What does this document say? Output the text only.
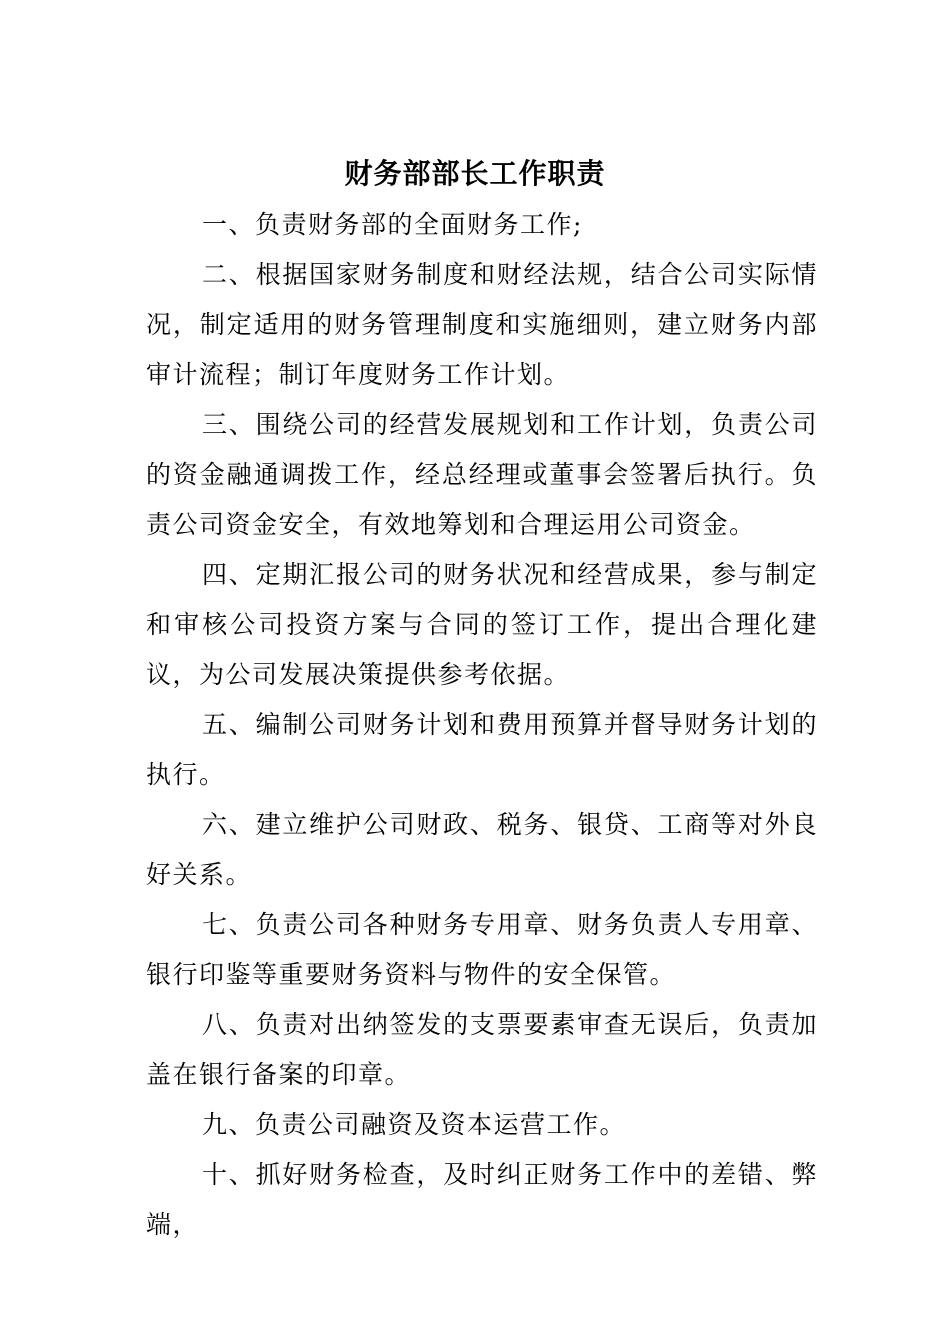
财务部部长工作职责

一、负责财务部的全面财务工作;

二、根据国家财务制度和财经法规，结合公司实际情况，制定适用的财务管理制度和实施细则，建立财务内部审计流程；制订年度财务工作计划。

三、围绕公司的经营发展规划和工作计划，负责公司的资金融通调拨工作，经总经理或董事会签署后执行。负责公司资金安全，有效地筹划和合理运用公司资金。

四、定期汇报公司的财务状况和经营成果，参与制定和审核公司投资方案与合同的签订工作，提出合理化建议，为公司发展决策提供参考依据。

五、编制公司财务计划和费用预算并督导财务计划的执行。

六、建立维护公司财政、税务、银贷、工商等对外良好关系。

七、负责公司各种财务专用章、财务负责人专用章、银行印鉴等重要财务资料与物件的安全保管。

八、负责对出纳签发的支票要素审查无误后，负责加盖在银行备案的印章。

九、负责公司融资及资本运营工作。

十、抓好财务检查，及时纠正财务工作中的差错、弊端，
